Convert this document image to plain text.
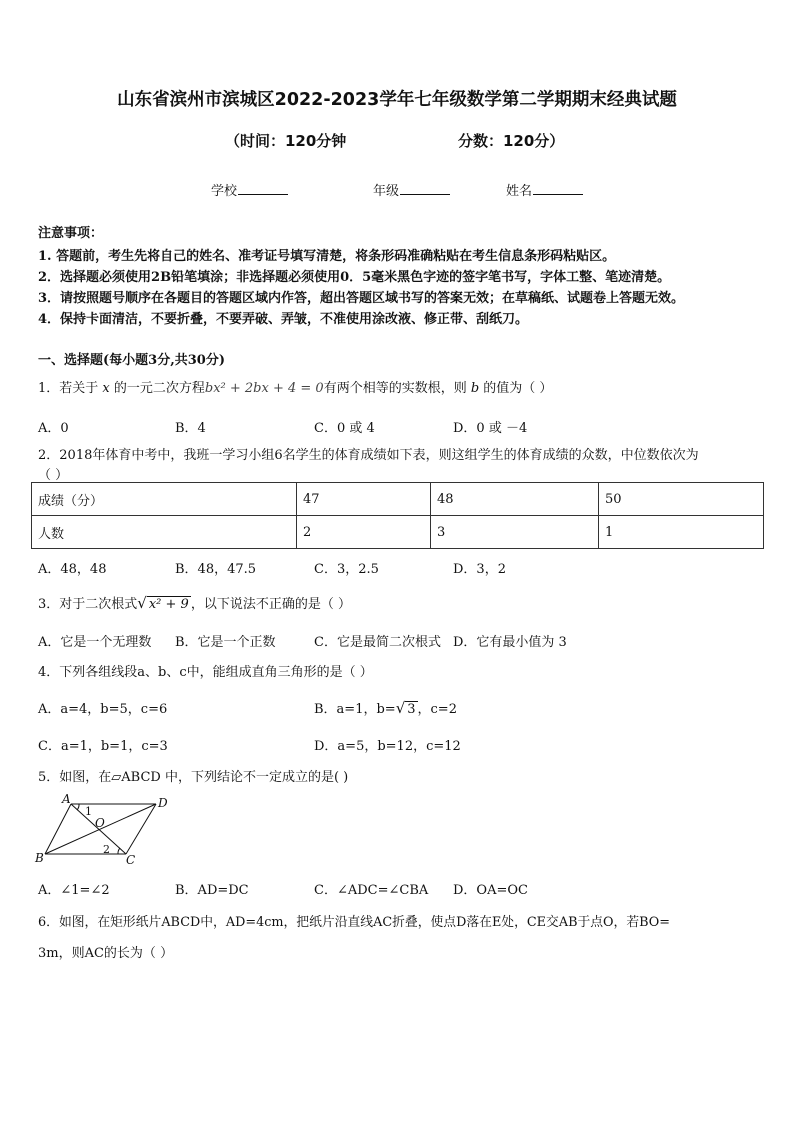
山东省滨州市滨城区2022-2023学年七年级数学第二学期期末经典试题
（时间：120分钟	分数：120分）
学校	年级	姓名
注意事项：
1. 答题前，考生先将自己的姓名、准考证号填写清楚，将条形码准确粘贴在考生信息条形码粘贴区。
2．选择题必须使用2B铅笔填涂；非选择题必须使用0．5毫米黑色字迹的签字笔书写，字体工整、笔迹清楚。
3．请按照题号顺序在各题目的答题区域内作答，超出答题区域书写的答案无效；在草稿纸、试题卷上答题无效。
4．保持卡面清洁，不要折叠，不要弄破、弄皱，不准使用涂改液、修正带、刮纸刀。
一、选择题(每小题3分,共30分)
1．若关于 x 的一元二次方程bx² + 2bx + 4 = 0有两个相等的实数根，则 b 的值为（ ）
A．0	B．4	C．0 或 4	D．0 或 －4
2．2018年体育中考中，我班一学习小组6名学生的体育成绩如下表，则这组学生的体育成绩的众数，中位数依次为
（ ）
成绩（分）	47	48	50
人数	2	3	1
A．48，48	B．48，47.5	C．3，2.5	D．3，2
3．对于二次根式√ x² + 9 ，以下说法不正确的是（ ）
A．它是一个无理数 B．它是一个正数	C．它是最简二次根式 D．它有最小值为 3
4．下列各组线段a、b、c中，能组成直角三角形的是（ ）
A．a=4，b=5，c=6	B．a=1，b=√ 3 ，c=2
C．a=1，b=1，c=3	D．a=5，b=12，c=12
5．如图，在▱ABCD 中，下列结论不一定成立的是( )
A	D
B	C
O
1
2
A．∠1=∠2	B．AD=DC	C．∠ADC=∠CBA D．OA=OC
6．如图，在矩形纸片ABCD中，AD=4cm，把纸片沿直线AC折叠，使点D落在E处，CE交AB于点O，若BO=
3m，则AC的长为（ ）
